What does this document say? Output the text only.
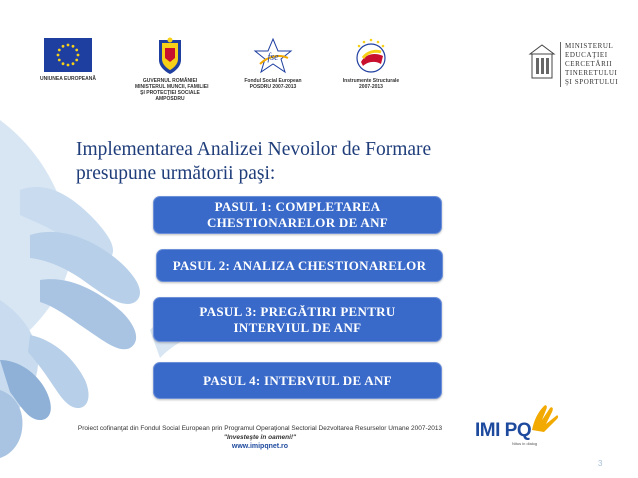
UNIUNEA EUROPEANĂ	GUVERNUL ROMÂNIEI
MINISTERUL MUNCII, FAMILIEI
ŞI PROTECŢIEI SOCIALE
AMPOSDRU
fse
Fondul Social European
POSDRU 2007-2013
Instrumente Structurale
2007-2013
MINISTERUL
EDUCAŢIEI
CERCETĂRII
TINERETULUI
ŞI SPORTULUI
Implementarea Analizei Nevoilor de Formare
presupune următorii paşi:
PASUL 1: COMPLETAREA
CHESTIONARELOR DE ANF
PASUL 2: ANALIZA CHESTIONARELOR
PASUL 3: PREGĂTIRI PENTRU
INTERVIUL DE ANF
PASUL 4: INTERVIUL DE ANF
Proiect cofinanţat din Fondul Social European prin Programul Operaţional Sectorial Dezvoltarea Resurselor Umane 2007-2013
"Investeşte în oameni!"
www.imipqnet.ro
IMI PQ
Nitus in dialog
3
